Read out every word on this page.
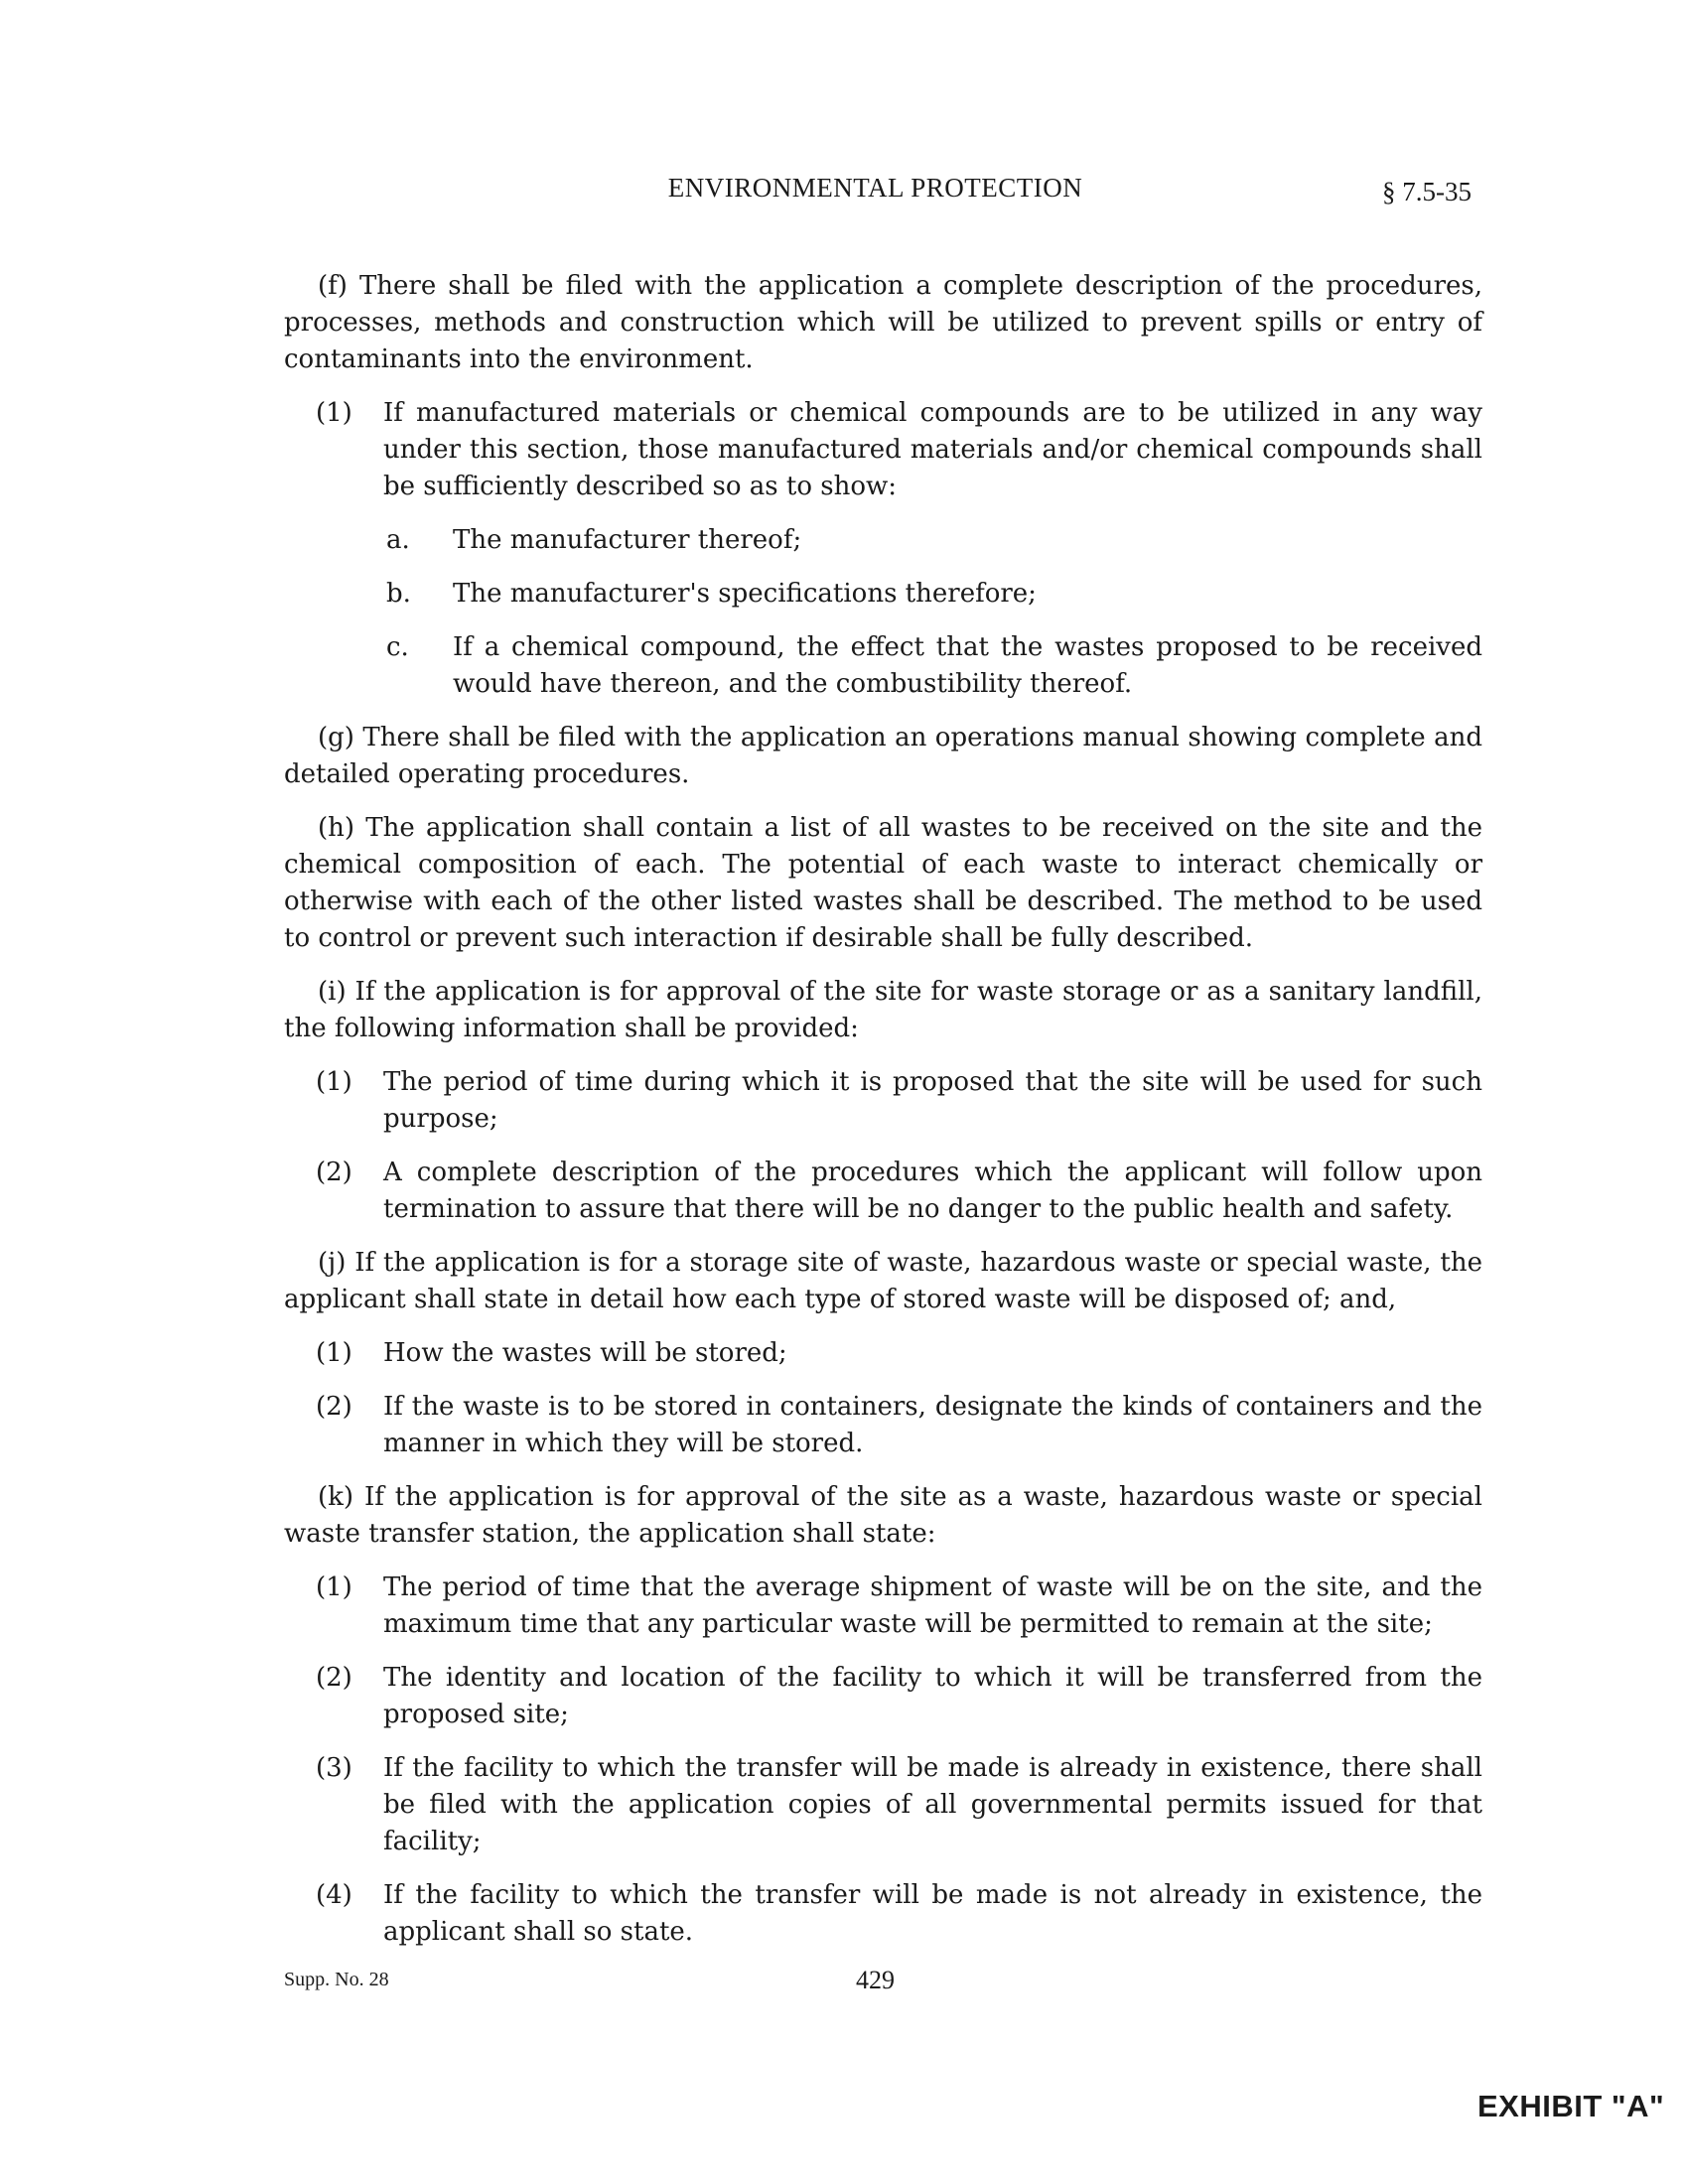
ENVIRONMENTAL PROTECTION	§ 7.5-35

(f) There shall be filed with the application a complete description of the procedures, processes, methods and construction which will be utilized to prevent spills or entry of contaminants into the environment.

(1) If manufactured materials or chemical compounds are to be utilized in any way under this section, those manufactured materials and/or chemical compounds shall be sufficiently described so as to show:
a. The manufacturer thereof;
b. The manufacturer's specifications therefore;
c. If a chemical compound, the effect that the wastes proposed to be received would have thereon, and the combustibility thereof.

(g) There shall be filed with the application an operations manual showing complete and detailed operating procedures.

(h) The application shall contain a list of all wastes to be received on the site and the chemical composition of each. The potential of each waste to interact chemically or otherwise with each of the other listed wastes shall be described. The method to be used to control or prevent such interaction if desirable shall be fully described.

(i) If the application is for approval of the site for waste storage or as a sanitary landfill, the following information shall be provided:

(1) The period of time during which it is proposed that the site will be used for such purpose;
(2) A complete description of the procedures which the applicant will follow upon termination to assure that there will be no danger to the public health and safety.

(j) If the application is for a storage site of waste, hazardous waste or special waste, the applicant shall state in detail how each type of stored waste will be disposed of; and,

(1) How the wastes will be stored;
(2) If the waste is to be stored in containers, designate the kinds of containers and the manner in which they will be stored.

(k) If the application is for approval of the site as a waste, hazardous waste or special waste transfer station, the application shall state:

(1) The period of time that the average shipment of waste will be on the site, and the maximum time that any particular waste will be permitted to remain at the site;
(2) The identity and location of the facility to which it will be transferred from the proposed site;
(3) If the facility to which the transfer will be made is already in existence, there shall be filed with the application copies of all governmental permits issued for that facility;
(4) If the facility to which the transfer will be made is not already in existence, the applicant shall so state.
Supp. No. 28	429
EXHIBIT "A"
